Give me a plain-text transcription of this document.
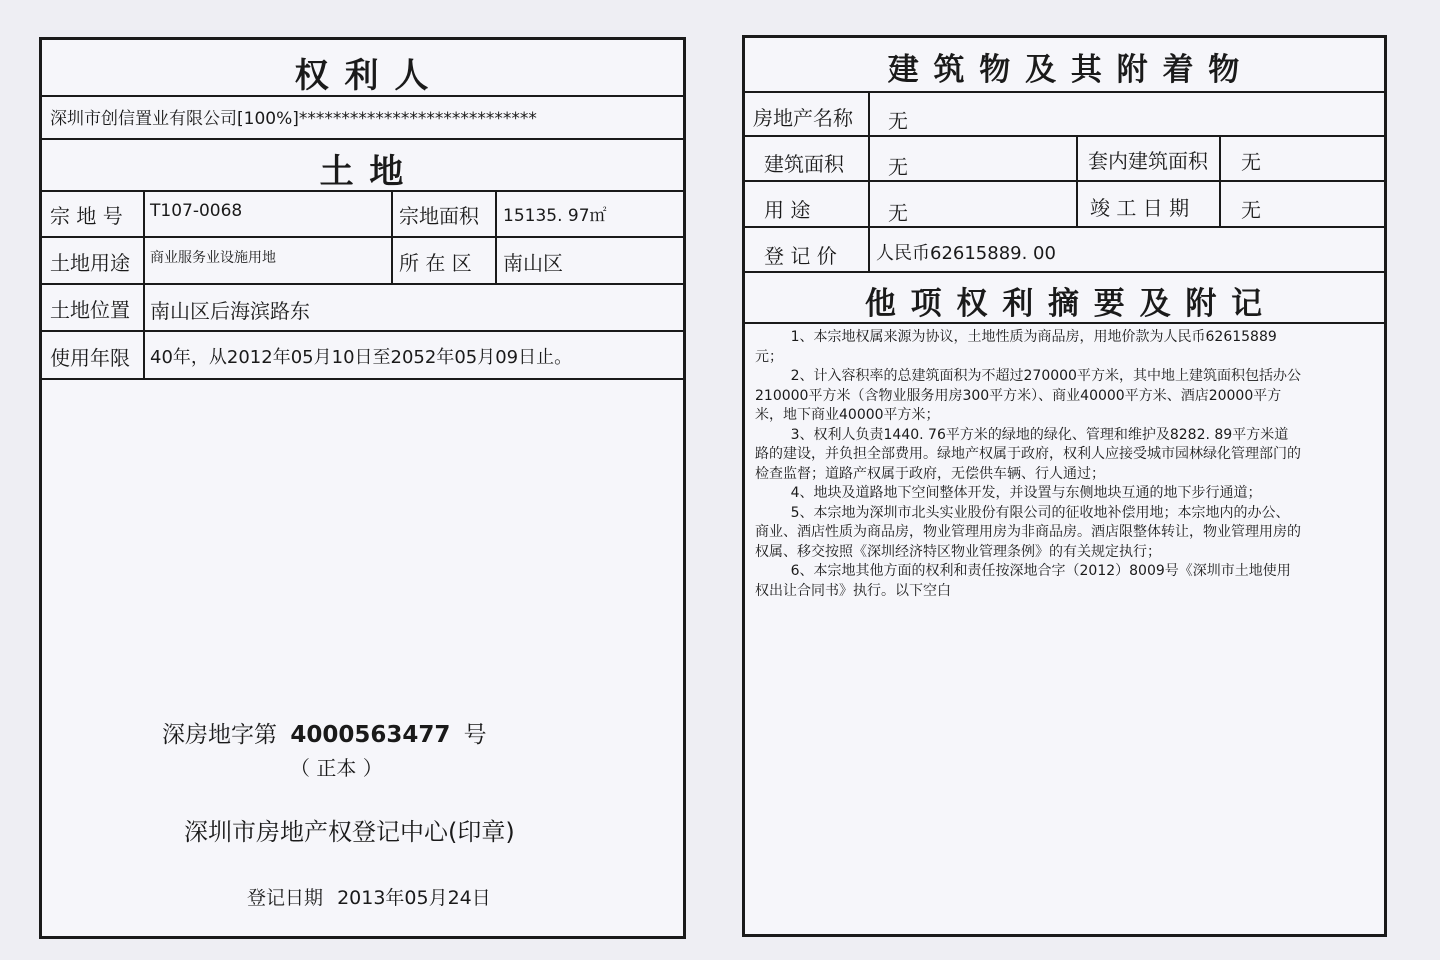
权 利 人
深圳市创信置业有限公司[100%]****************************
土 地
宗 地 号 T107-0068	宗地面积 15135. 97㎡
土地用途 商业服务业设施用地	所 在 区 南山区
土地位置 南山区后海滨路东
使用年限 40年，从2012年05月10日至2052年05月09日止。
深房地字第 4000563477 号
（ 正本 ）
深圳市房地产权登记中心(印章)
登记日期 2013年05月24日
建 筑 物 及 其 附 着 物
房地产名称 无
建筑面积 无	套内建筑面积 无
用 途	无	竣 工 日 期	无
登 记 价 人民币62615889. 00
他 项 权 利 摘 要 及 附 记
1、本宗地权属来源为协议，土地性质为商品房，用地价款为人民币62615889元；
2、计入容积率的总建筑面积为不超过270000平方米，其中地上建筑面积包括办公210000平方米（含物业服务用房300平方米）、商业40000平方米、酒店20000平方米，地下商业40000平方米；
3、权利人负责1440. 76平方米的绿地的绿化、管理和维护及8282. 89平方米道路的建设，并负担全部费用。绿地产权属于政府，权利人应接受城市园林绿化管理部门的检查监督；道路产权属于政府，无偿供车辆、行人通过；
4、地块及道路地下空间整体开发，并设置与东侧地块互通的地下步行通道；
5、本宗地为深圳市北头实业股份有限公司的征收地补偿用地；本宗地内的办公、商业、酒店性质为商品房，物业管理用房为非商品房。酒店限整体转让，物业管理用房的权属、移交按照《深圳经济特区物业管理条例》的有关规定执行；
6、本宗地其他方面的权利和责任按深地合字（2012）8009号《深圳市土地使用权出让合同书》执行。以下空白
